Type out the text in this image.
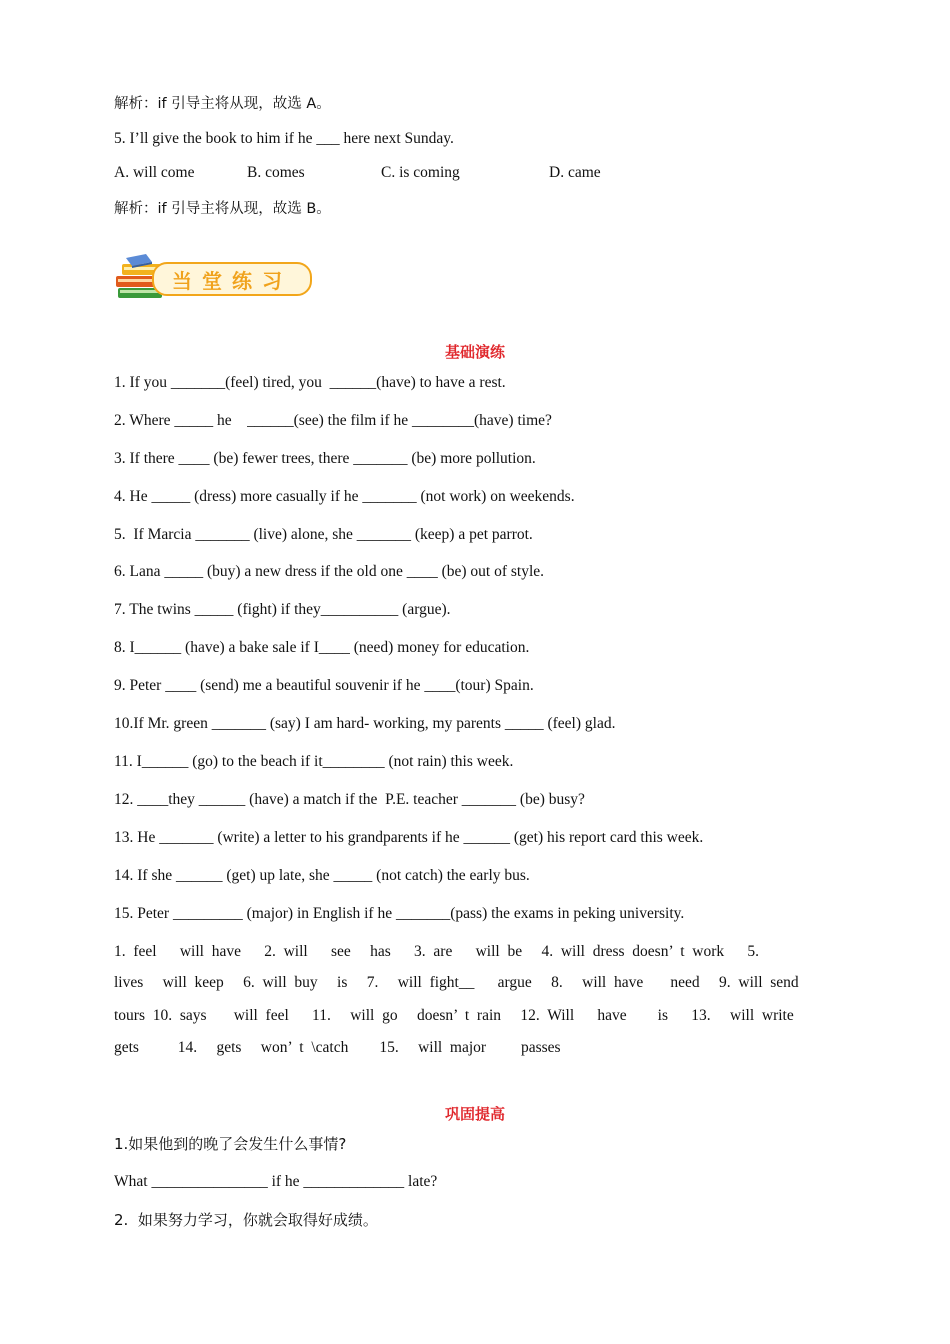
解析：if 引导主将从现，故选 A。
5. I’ll give the book to him if he ___ here next Sunday.
A. will come	B. comes	C. is coming	D. came
解析：if 引导主将从现，故选 B。
当堂练习
基础演练
1. If you _______(feel) tired, you  ______(have) to have a rest.
2. Where _____ he    ______(see) the film if he ________(have) time?
3. If there ____ (be) fewer trees, there _______ (be) more pollution.
4. He _____ (dress) more casually if he _______ (not work) on weekends.
5.  If Marcia _______ (live) alone, she _______ (keep) a pet parrot.
6. Lana _____ (buy) a new dress if the old one ____ (be) out of style.
7. The twins _____ (fight) if they__________ (argue).
8. I______ (have) a bake sale if I____ (need) money for education.
9. Peter ____ (send) me a beautiful souvenir if he ____(tour) Spain.
10.If Mr. green _______ (say) I am hard- working, my parents _____ (feel) glad.
11. I______ (go) to the beach if it________ (not rain) this week.
12. ____they ______ (have) a match if the  P.E. teacher _______ (be) busy?
13. He _______ (write) a letter to his grandparents if he ______ (get) his report card this week.
14. If she ______ (get) up late, she _____ (not catch) the early bus.
15. Peter _________ (major) in English if he _______(pass) the exams in peking university.
1.  feel      will  have      2.  will      see     has      3.  are      will  be     4.  will  dress  doesn’  t  work      5.
lives     will  keep     6.  will  buy     is     7.     will  fight__      argue     8.     will  have       need     9.  will  send
tours  10.  says       will  feel      11.     will  go     doesn’  t  rain     12.  Will      have        is      13.     will  write
gets          14.     gets     won’  t  \catch        15.     will  major         passes
巩固提高
1.如果他到的晚了会发生什么事情?
What _______________ if he _____________ late?
2.  如果努力学习，你就会取得好成绩。
